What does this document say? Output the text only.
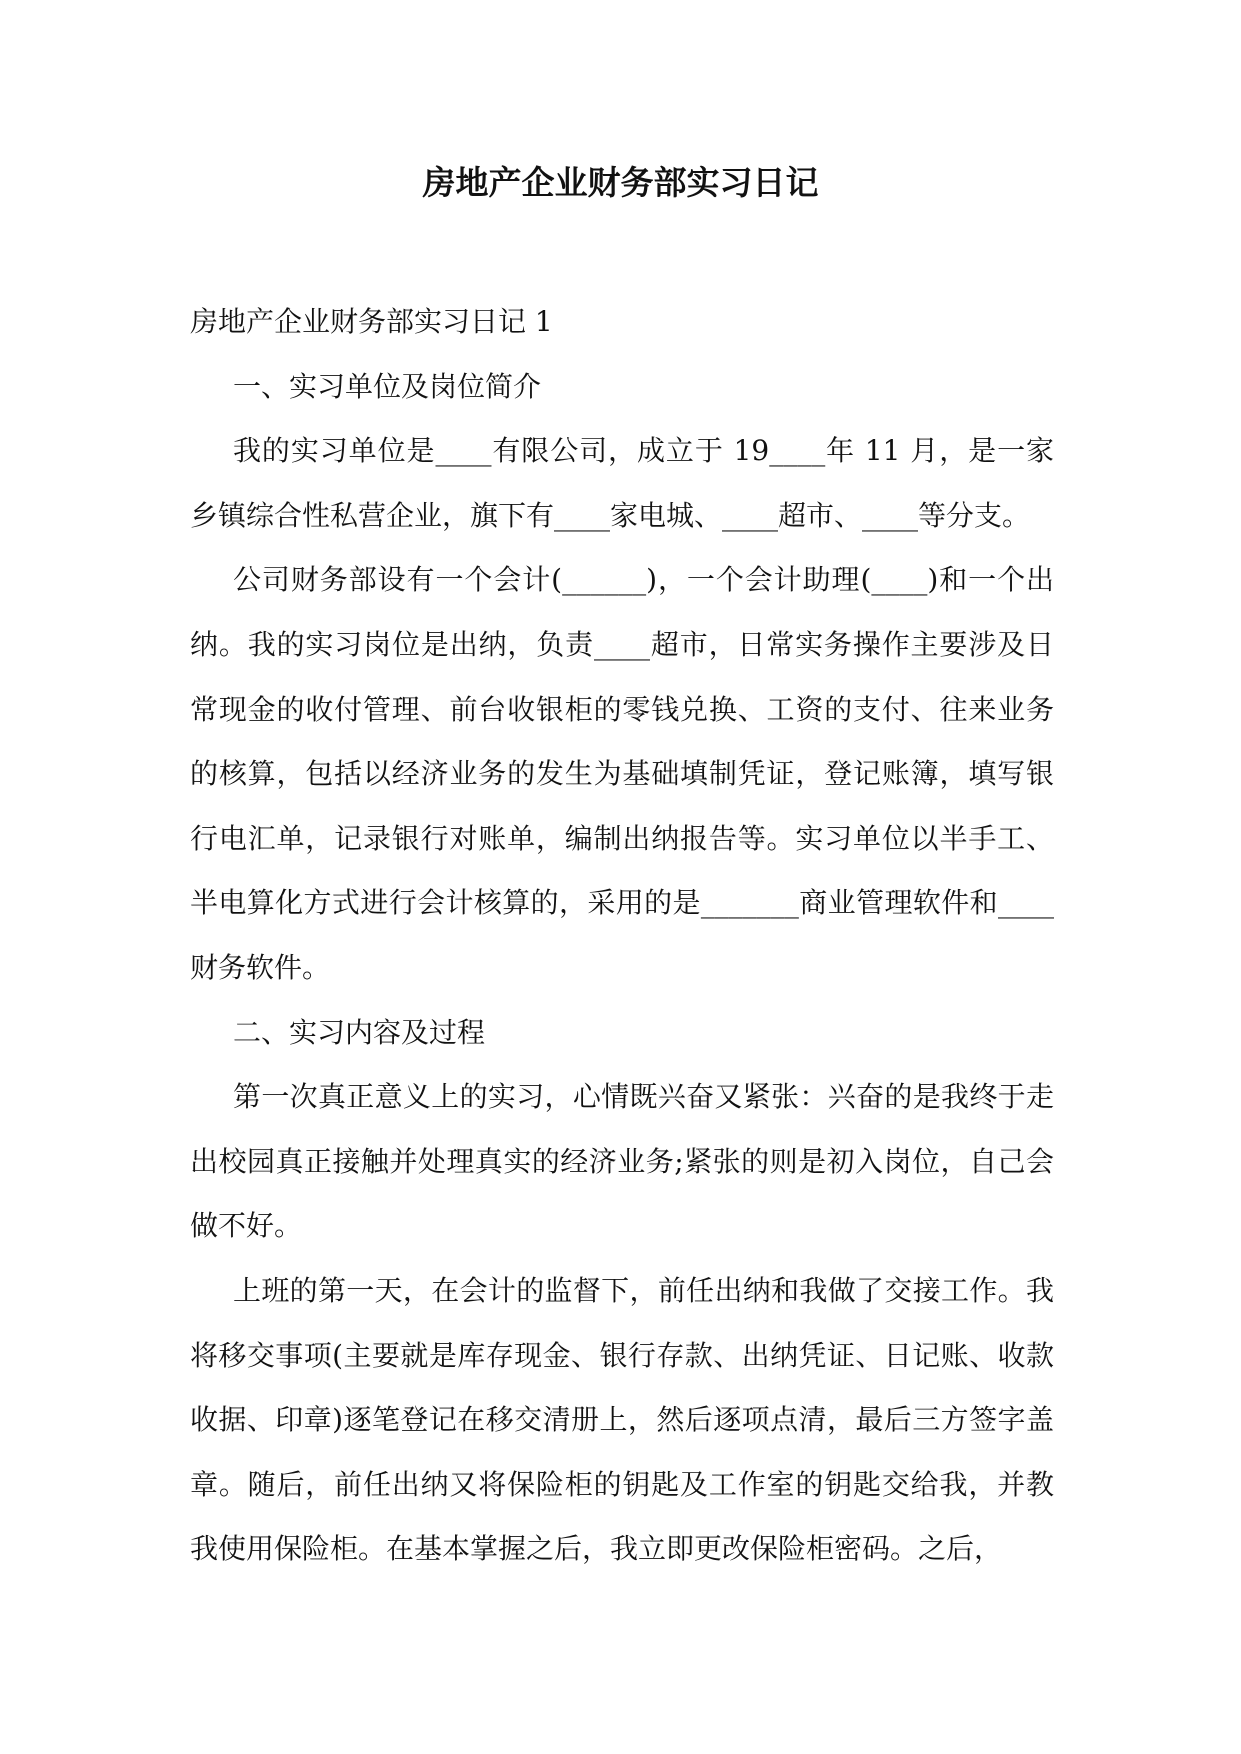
房地产企业财务部实习日记

房地产企业财务部实习日记 1

一、实习单位及岗位简介

我的实习单位是____有限公司，成立于 19____年 11 月，是一家乡镇综合性私营企业，旗下有____家电城、____超市、____等分支。

公司财务部设有一个会计(______)，一个会计助理(____)和一个出纳。我的实习岗位是出纳，负责____超市，日常实务操作主要涉及日常现金的收付管理、前台收银柜的零钱兑换、工资的支付、往来业务的核算，包括以经济业务的发生为基础填制凭证，登记账簿，填写银行电汇单，记录银行对账单，编制出纳报告等。实习单位以半手工、半电算化方式进行会计核算的，采用的是_______商业管理软件和____财务软件。

二、实习内容及过程

第一次真正意义上的实习，心情既兴奋又紧张：兴奋的是我终于走出校园真正接触并处理真实的经济业务;紧张的则是初入岗位，自己会做不好。

上班的第一天，在会计的监督下，前任出纳和我做了交接工作。我将移交事项(主要就是库存现金、银行存款、出纳凭证、日记账、收款收据、印章)逐笔登记在移交清册上，然后逐项点清，最后三方签字盖章。随后，前任出纳又将保险柜的钥匙及工作室的钥匙交给我，并教我使用保险柜。在基本掌握之后，我立即更改保险柜密码。之后，
